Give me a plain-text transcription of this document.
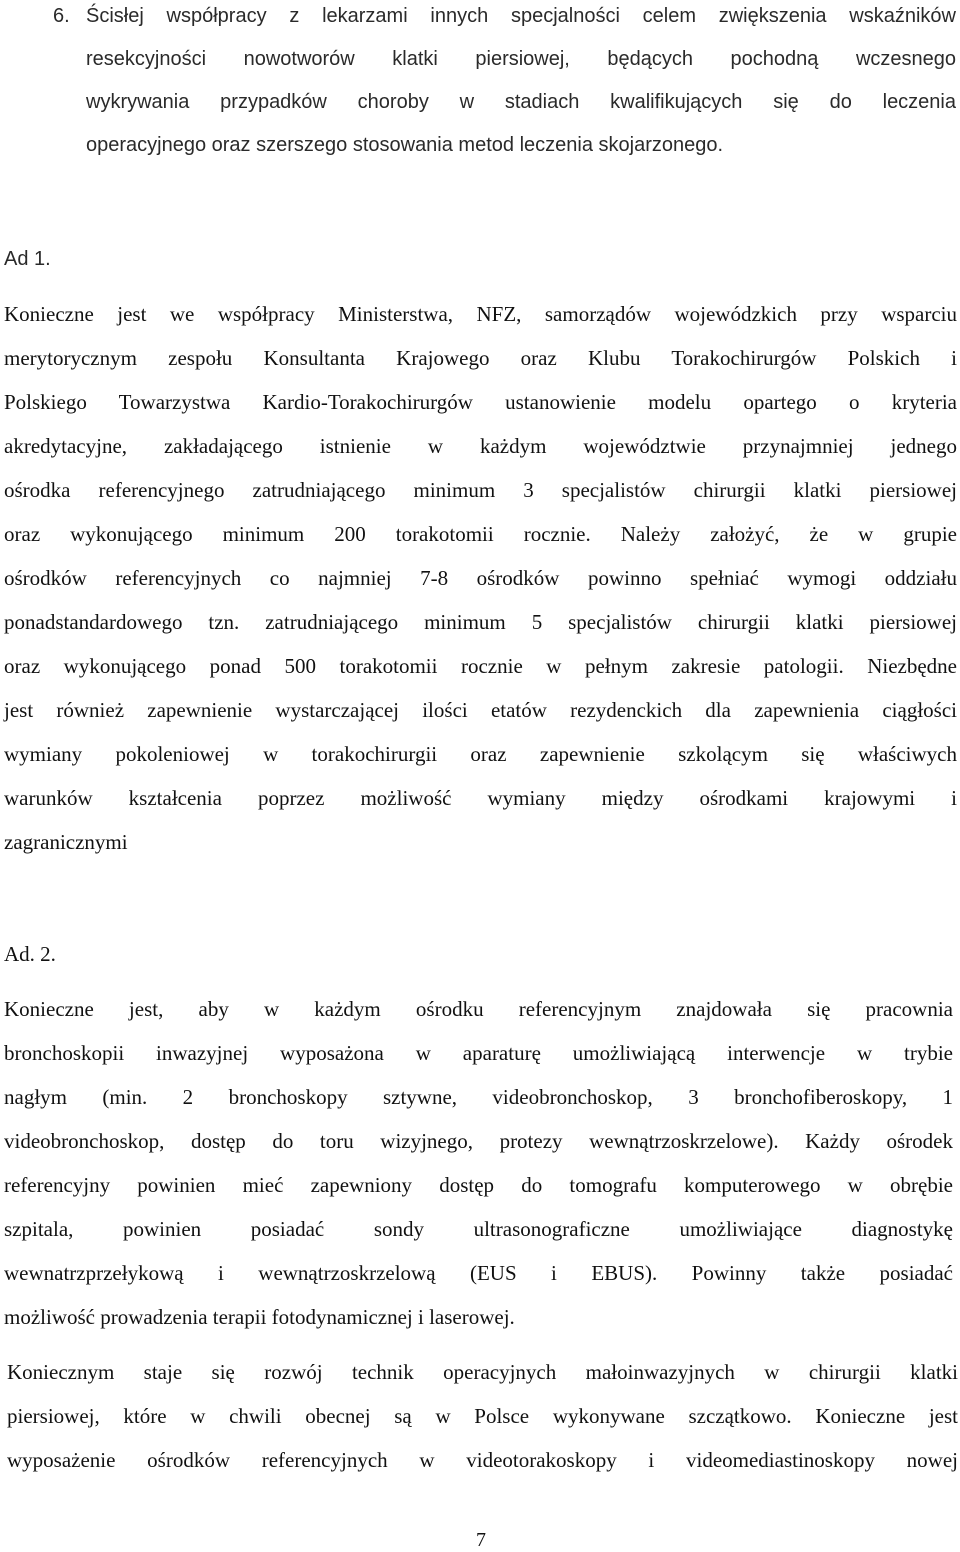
6. Ścisłej współpracy z lekarzami innych specjalności celem zwiększenia wskaźników
resekcyjności nowotworów klatki piersiowej, będących pochodną wczesnego
wykrywania przypadków choroby w stadiach kwalifikujących się do leczenia
operacyjnego oraz szerszego stosowania metod leczenia skojarzonego.
Ad 1.
Konieczne jest we współpracy Ministerstwa, NFZ, samorządów wojewódzkich przy wsparciu
merytorycznym zespołu Konsultanta Krajowego oraz Klubu Torakochirurgów Polskich i
Polskiego Towarzystwa Kardio-Torakochirurgów ustanowienie modelu opartego o kryteria
akredytacyjne, zakładającego istnienie w każdym województwie przynajmniej jednego
ośrodka referencyjnego zatrudniającego minimum 3 specjalistów chirurgii klatki piersiowej
oraz wykonującego minimum 200 torakotomii rocznie. Należy założyć, że w grupie
ośrodków referencyjnych co najmniej 7-8 ośrodków powinno spełniać wymogi oddziału
ponadstandardowego tzn. zatrudniającego minimum 5 specjalistów chirurgii klatki piersiowej
oraz wykonującego ponad 500 torakotomii rocznie w pełnym zakresie patologii. Niezbędne
jest również zapewnienie wystarczającej ilości etatów rezydenckich dla zapewnienia ciągłości
wymiany pokoleniowej w torakochirurgii oraz zapewnienie szkolącym się właściwych
warunków kształcenia poprzez możliwość wymiany między ośrodkami krajowymi i
zagranicznymi
Ad. 2.
Konieczne jest, aby w każdym ośrodku referencyjnym znajdowała się pracownia
bronchoskopii inwazyjnej wyposażona w aparaturę umożliwiającą interwencje w trybie
nagłym (min. 2 bronchoskopy sztywne, videobronchoskop, 3 bronchofiberoskopy, 1
videobronchoskop, dostęp do toru wizyjnego, protezy wewnątrzoskrzelowe). Każdy ośrodek
referencyjny powinien mieć zapewniony dostęp do tomografu komputerowego w obrębie
szpitala, powinien posiadać sondy ultrasonograficzne umożliwiające diagnostykę
wewnatrzprzełykową i wewnątrzoskrzelową (EUS i EBUS). Powinny także posiadać
możliwość prowadzenia terapii fotodynamicznej i laserowej.
Koniecznym staje się rozwój technik operacyjnych małoinwazyjnych w chirurgii klatki
piersiowej, które w chwili obecnej są w Polsce wykonywane szczątkowo. Konieczne jest
wyposażenie ośrodków referencyjnych w videotorakoskopy i videomediastinoskopy nowej
7
